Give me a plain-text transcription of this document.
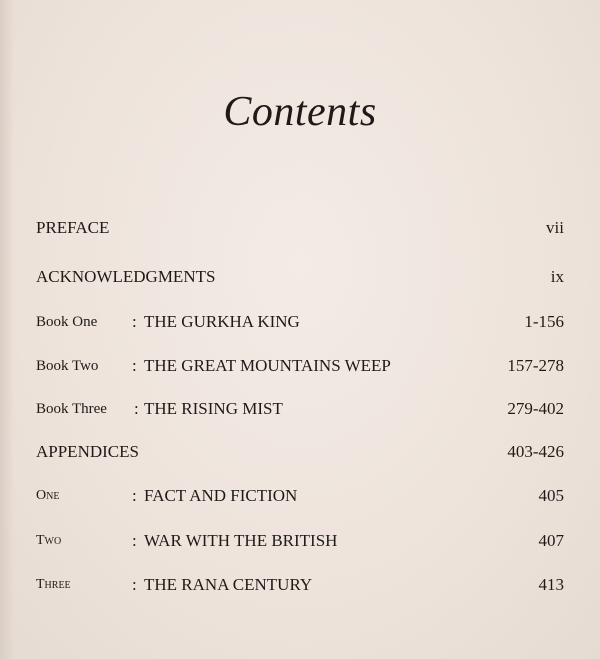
Contents
PREFACE	vii
ACKNOWLEDGMENTS	ix
Book One : THE GURKHA KING	1-156
Book Two : THE GREAT MOUNTAINS WEEP	157-278
Book Three : THE RISING MIST	279-402
APPENDICES	403-426
One	: FACT AND FICTION	405
Two	: WAR WITH THE BRITISH	407
Three	: THE RANA CENTURY	413
